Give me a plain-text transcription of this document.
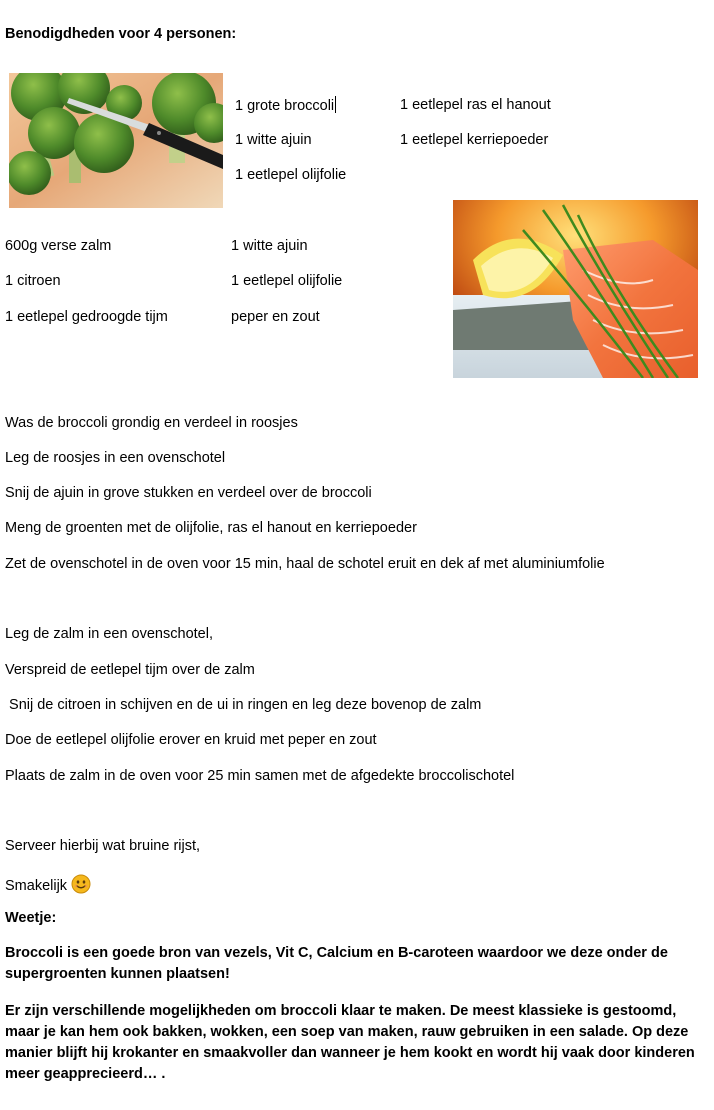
Benodigdheden voor 4 personen:
1 grote broccoli
1 witte ajuin
1 eetlepel olijfolie
1 eetlepel ras el hanout
1 eetlepel kerriepoeder
600g verse zalm
1 citroen
1 eetlepel gedroogde tijm
1 witte ajuin
1 eetlepel olijfolie
peper en zout
Was de broccoli grondig en verdeel in roosjes
Leg de roosjes in een ovenschotel
Snij de ajuin in grove stukken en verdeel over de broccoli
Meng de groenten met de olijfolie, ras el hanout en kerriepoeder
Zet de ovenschotel in de oven voor 15 min, haal de schotel eruit en dek af met aluminiumfolie
Leg de zalm in een ovenschotel,
Verspreid de eetlepel tijm over de zalm
Snij de citroen in schijven en de ui in ringen en leg deze bovenop de zalm
Doe de eetlepel olijfolie erover en kruid met peper en zout
Plaats de zalm in de oven voor 25 min samen met de afgedekte broccolischotel
Serveer hierbij wat bruine rijst,
Smakelijk
Weetje:
Broccoli is een goede bron van vezels, Vit C, Calcium en B-caroteen waardoor we deze onder de supergroenten kunnen plaatsen!
Er zijn verschillende mogelijkheden om broccoli klaar te maken. De meest klassieke is gestoomd, maar je kan hem ook bakken, wokken, een soep van maken, rauw gebruiken in een salade. Op deze manier blijft hij krokanter en smaakvoller dan wanneer je hem kookt en wordt hij vaak door kinderen meer geapprecieerd… .
